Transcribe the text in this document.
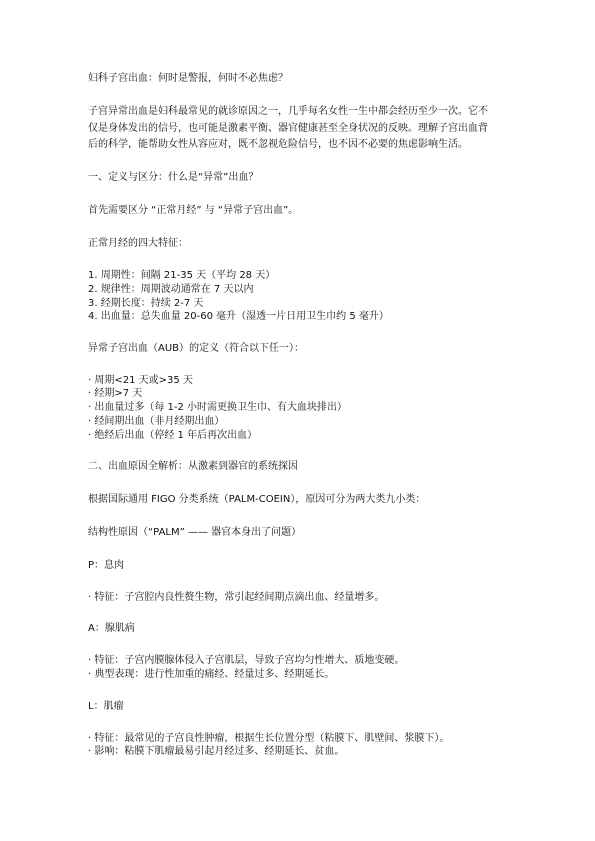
妇科子宫出血：何时是警报，何时不必焦虑？

子宫异常出血是妇科最常见的就诊原因之一，几乎每名女性一生中都会经历至少一次。它不

仅是身体发出的信号，也可能是激素平衡、器官健康甚至全身状况的反映。理解子宫出血背

后的科学，能帮助女性从容应对，既不忽视危险信号，也不因不必要的焦虑影响生活。

一、定义与区分：什么是“异常”出血？

首先需要区分 “正常月经” 与 “异常子宫出血”。

正常月经的四大特征：

1. 周期性：间隔 21-35 天（平均 28 天）

2. 规律性：周期波动通常在 7 天以内

3. 经期长度：持续 2-7 天

4. 出血量：总失血量 20-60 毫升（湿透一片日用卫生巾约 5 毫升）

异常子宫出血（AUB）的定义（符合以下任一）：

· 周期<21 天或>35 天

· 经期>7 天

· 出血量过多（每 1-2 小时需更换卫生巾、有大血块排出）

· 经间期出血（非月经期出血）

· 绝经后出血（停经 1 年后再次出血）

二、出血原因全解析：从激素到器官的系统探因

根据国际通用 FIGO 分类系统（PALM-COEIN），原因可分为两大类九小类：

结构性原因（“PALM” —— 器官本身出了问题）

P：息肉

· 特征：子宫腔内良性赘生物，常引起经间期点滴出血、经量增多。

A：腺肌病

· 特征：子宫内膜腺体侵入子宫肌层，导致子宫均匀性增大、质地变硬。

· 典型表现：进行性加重的痛经、经量过多、经期延长。

L：肌瘤

· 特征：最常见的子宫良性肿瘤，根据生长位置分型（粘膜下、肌壁间、浆膜下）。

· 影响：粘膜下肌瘤最易引起月经过多、经期延长、贫血。
